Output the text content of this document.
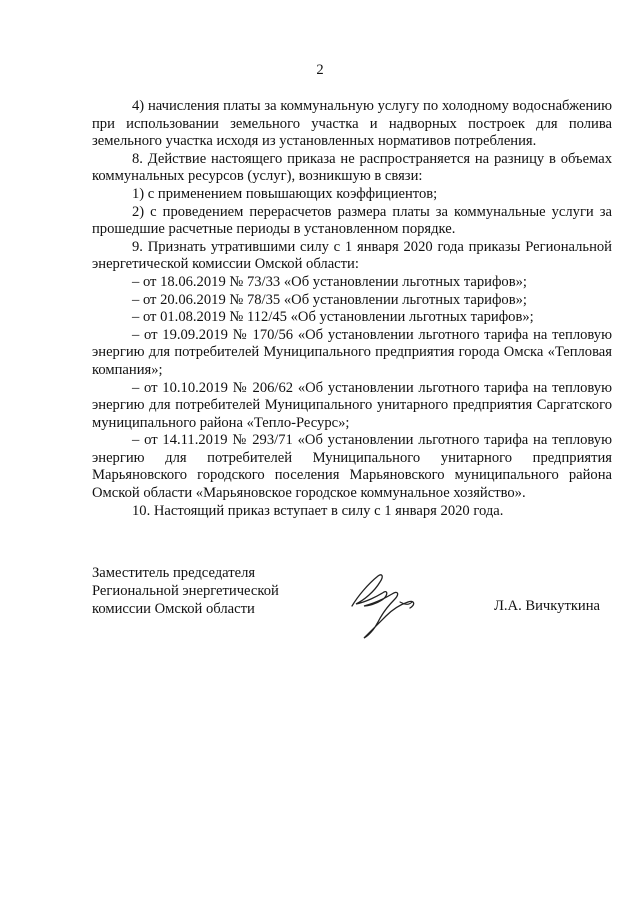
2

4) начисления платы за коммунальную услугу по холодному водоснабжению при использовании земельного участка и надворных построек для полива земельного участка исходя из установленных нормативов потребления.

8. Действие настоящего приказа не распространяется на разницу в объемах коммунальных ресурсов (услуг), возникшую в связи:

1) с применением повышающих коэффициентов;

2) с проведением перерасчетов размера платы за коммунальные услуги за прошедшие расчетные периоды в установленном порядке.

9. Признать утратившими силу с 1 января 2020 года приказы Региональной энергетической комиссии Омской области:

– от 18.06.2019 № 73/33 «Об установлении льготных тарифов»;

– от 20.06.2019 № 78/35 «Об установлении льготных тарифов»;

– от 01.08.2019 № 112/45 «Об установлении льготных тарифов»;

– от 19.09.2019 № 170/56 «Об установлении льготного тарифа на тепловую энергию для потребителей Муниципального предприятия города Омска «Тепловая компания»;

– от 10.10.2019 № 206/62 «Об установлении льготного тарифа на тепловую энергию для потребителей Муниципального унитарного предприятия Саргатского муниципального района «Тепло-Ресурс»;

– от 14.11.2019 № 293/71 «Об установлении льготного тарифа на тепловую энергию для потребителей Муниципального унитарного предприятия Марьяновского городского поселения Марьяновского муниципального района Омской области «Марьяновское городское коммунальное хозяйство».

10. Настоящий приказ вступает в силу с 1 января 2020 года.

Заместитель председателя
Региональной энергетической
комиссии Омской области	Л.А. Вичкуткина
